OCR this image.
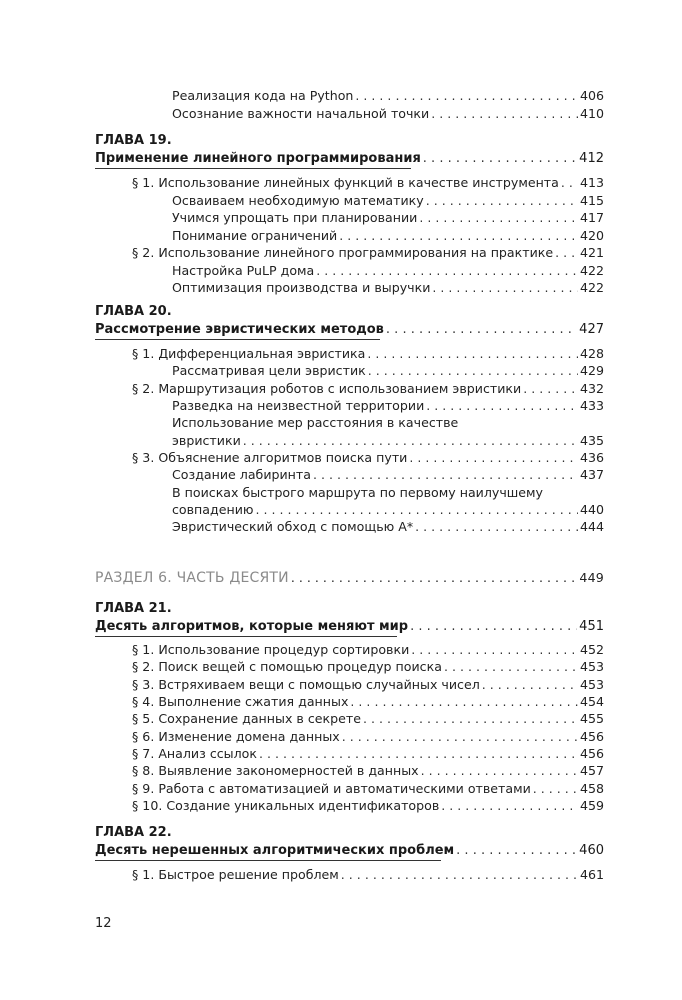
Реализация кода на Python . . .	406
Осознание важности начальной точки . . .	410
ГЛАВА 19.
Применение линейного программирования . . .	412
§ 1. Использование линейных функций в качестве инструмента . . . 413
Осваиваем необходимую математику . . .	415
Учимся упрощать при планировании . . .	417
Понимание ограничений . . .	420
§ 2. Использование линейного программирования на практике . . . 421
Настройка PuLP дома . . .	422
Оптимизация производства и выручки . . .	422
ГЛАВА 20.
Рассмотрение эвристических методов . . .	427
§ 1. Дифференциальная эвристика . . .	428
Рассматривая цели эвристик . . .	429
§ 2. Маршрутизация роботов с использованием эвристики . . .	432
Разведка на неизвестной территории . . .	433
Использование мер расстояния в качестве
эвристики . . .	435
§ 3. Объяснение алгоритмов поиска пути . . .	436
Создание лабиринта . . .	437
В поисках быстрого маршрута по первому наилучшему
совпадению . . .	440
Эвристический обход с помощью A* . . .	444
РАЗДЕЛ 6. ЧАСТЬ ДЕСЯТИ . . .	449
ГЛАВА 21.
Десять алгоритмов, которые меняют мир . . .	451
§ 1. Использование процедур сортировки . . .	452
§ 2. Поиск вещей с помощью процедур поиска . . .	453
§ 3. Встряхиваем вещи с помощью случайных чисел . . .	453
§ 4. Выполнение сжатия данных . . .	454
§ 5. Сохранение данных в секрете . . .	455
§ 6. Изменение домена данных . . .	456
§ 7. Анализ ссылок . . .	456
§ 8. Выявление закономерностей в данных . . .	457
§ 9. Работа с автоматизацией и автоматическими ответами . . .	458
§ 10. Создание уникальных идентификаторов . . .	459
ГЛАВА 22.
Десять нерешенных алгоритмических проблем . . .	460
§ 1. Быстрое решение проблем . . .	461
12
